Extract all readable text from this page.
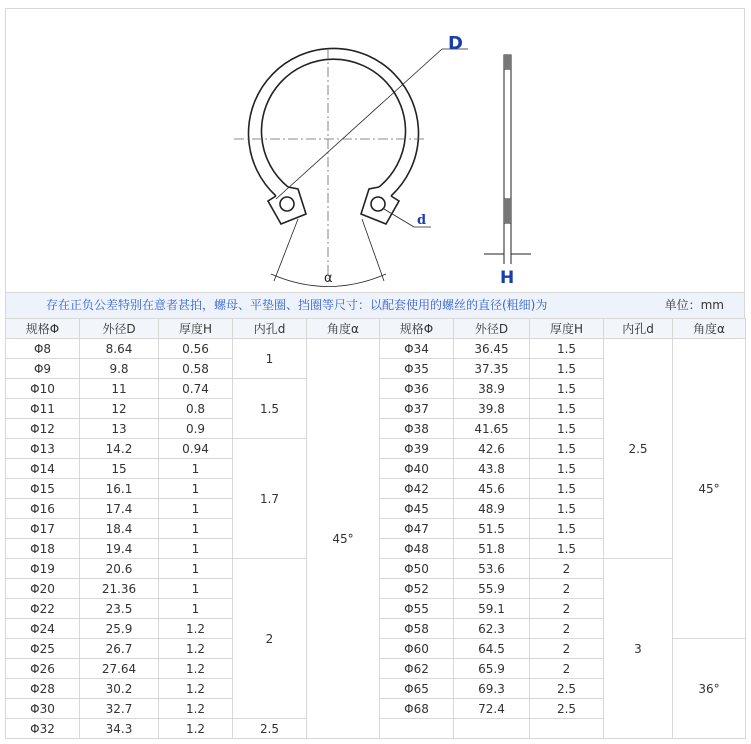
D
d
α	H
存在正负公差特别在意者甚拍，螺母、平垫圈、挡圈等尺寸：以配套使用的螺丝的直径(粗细)为	单位：mm
规格Φ	外径D	厚度H	内孔d	角度α	规格Φ	外径D	厚度H	内孔d	角度α
Φ8	8.64	0.56	1	45°	Φ34	36.45	1.5	2.5	45°
Φ9	9.8	0.58			Φ35	37.35	1.5		
Φ10	11	0.74	1.5		Φ36	38.9	1.5		
Φ11	12	0.8			Φ37	39.8	1.5		
Φ12	13	0.9			Φ38	41.65	1.5		
Φ13	14.2	0.94	1.7		Φ39	42.6	1.5		
Φ14	15	1			Φ40	43.8	1.5		
Φ15	16.1	1			Φ42	45.6	1.5		
Φ16	17.4	1			Φ45	48.9	1.5		
Φ17	18.4	1			Φ47	51.5	1.5		
Φ18	19.4	1			Φ48	51.8	1.5		
Φ19	20.6	1	2		Φ50	53.6	2	3	
Φ20	21.36	1			Φ52	55.9	2		
Φ22	23.5	1			Φ55	59.1	2		
Φ24	25.9	1.2			Φ58	62.3	2		
Φ25	26.7	1.2			Φ60	64.5	2		36°
Φ26	27.64	1.2			Φ62	65.9	2		
Φ28	30.2	1.2			Φ65	69.3	2.5		
Φ30	32.7	1.2			Φ68	72.4	2.5		
Φ32	34.3	1.2	2.5						
